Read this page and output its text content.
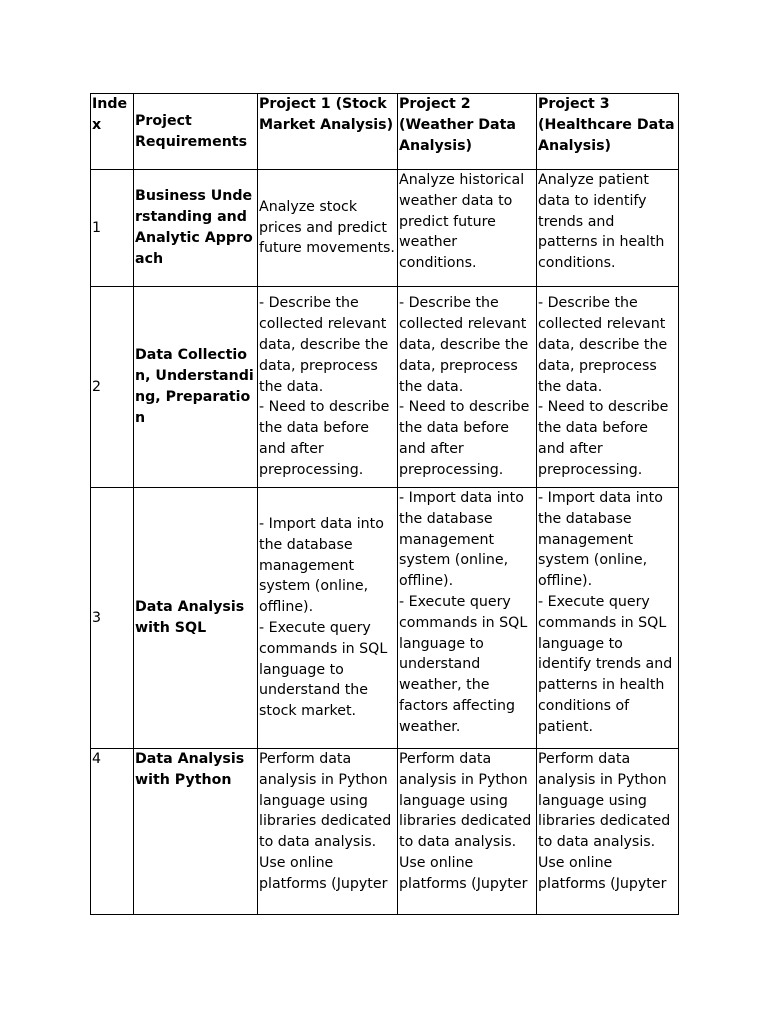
Index	Project Requirements	Project 1 (Stock Market Analysis)	Project 2 (Weather Data Analysis)	Project 3 (Healthcare Data Analysis)
1	Business Understanding and Analytic Approach	Analyze stock prices and predict future movements.	Analyze historical weather data to predict future weather conditions.	Analyze patient data to identify trends and patterns in health conditions.

2	Data Collection, Understanding, Preparation	- Describe the collected relevant data, describe the data, preprocess the data.
- Need to describe the data before and after preprocessing.	- Describe the collected relevant data, describe the data, preprocess the data.
- Need to describe the data before and after preprocessing.	- Describe the collected relevant data, describe the data, preprocess the data.
- Need to describe the data before and after preprocessing.

3	Data Analysis with SQL	- Import data into the database management system (online, offline).
- Execute query commands in SQL language to understand the stock market.	- Import data into the database management system (online, offline).
- Execute query commands in SQL language to understand weather, the factors affecting weather.	- Import data into the database management system (online, offline).
- Execute query commands in SQL language to identify trends and patterns in health conditions of patient.

4	Data Analysis with Python	Perform data analysis in Python language using libraries dedicated to data analysis.
Use online platforms (Jupyter	Perform data analysis in Python language using libraries dedicated to data analysis.
Use online platforms (Jupyter	Perform data analysis in Python language using libraries dedicated to data analysis.
Use online platforms (Jupyter
